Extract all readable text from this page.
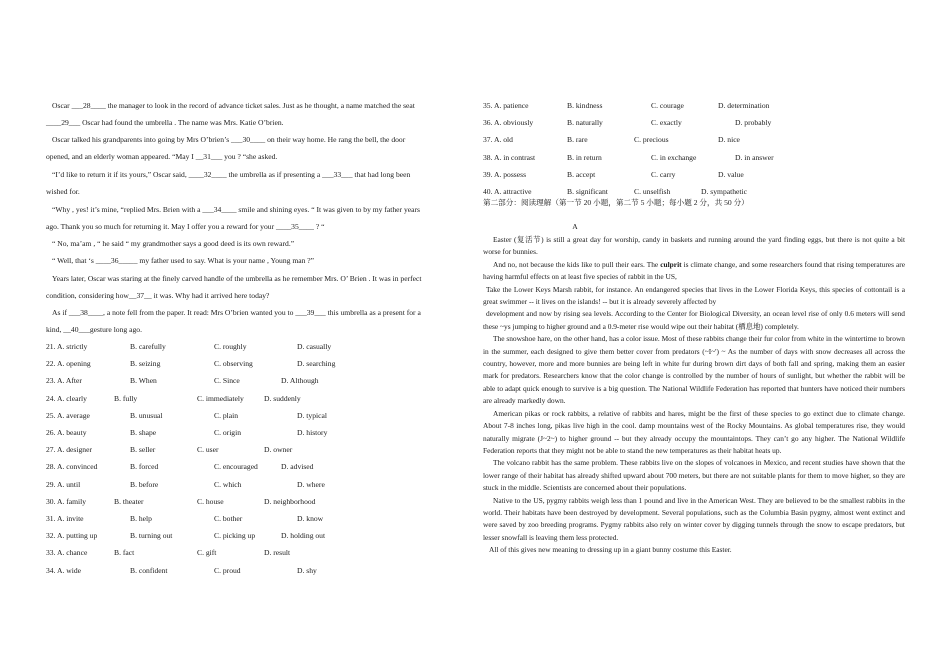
Oscar ___28____ the manager to look in the record of advance ticket sales. Just as he thought, a name matched the seat
____29___ Oscar had found the umbrella . The name was Mrs. Katie O’brien.
Oscar talked his grandparents into going by Mrs O’brien’s ___30____ on their way home. He rang the bell, the door
opened, and an elderly woman appeared. “May I __31___ you ? “she asked.
“I’d like to return it if its yours,” Oscar said, ____32____ the umbrella as if presenting a ___33___ that had long been
wished for.
“Why , yes! it’s mine, “replied Mrs. Brien with a ___34____ smile and shining eyes. “ It was given to by my father years
ago. Thank you so much for returning it. May I offer you a reward for your ____35____ ? “
“ No, ma’am , “ he said “ my grandmother says a good deed is its own reward.”
“ Well, that ‘s ____36_____ my father used to say. What is your name , Young man ?”
Years later, Oscar was staring at the finely carved handle of the umbrella as he remember Mrs. O’ Brien . It was in perfect
condition, considering how__37__ it was. Why had it arrived here today?
As if ___38____, a note fell from the paper. It read: Mrs O’brien wanted you to ___39___ this umbrella as a present for a
kind, __40___gesture long ago.
21. A. strictly	B. carefully	C. roughly	D. casually
22. A. opening	B. seizing	C. observing	D. searching
23. A. After	B. When	C. Since	D. Although
24. A. clearly	B. fully	C. immediately	D. suddenly
25. A. average	B. unusual	C. plain	D. typical
26. A. beauty	B. shape	C. origin	D. history
27. A. designer	B. seller	C. user	D. owner
28. A. convinced	B. forced	C. encouraged	D. advised
29. A. until	B. before	C. which	D. where
30. A. family	B. theater	C. house	D. neighborhood
31. A. invite	B. help	C. bother	D. know
32. A. putting up	B. turning out	C. picking up	D. holding out
33. A. chance	B. fact	C. gift	D. result
34. A. wide	B. confident	C. proud	D. shy
35. A. patience	B. kindness	C. courage	D. determination
36. A. obviously	B. naturally	C. exactly	D. probably
37. A. old	B. rare	C. precious	D. nice
38. A. in contrast	B. in return	C. in exchange	D. in answer
39. A. possess	B. accept	C. carry	D. value
40. A. attractive	B. significant	C. unselfish	D. sympathetic
第二部分：阅读理解（第一节 20 小题，第二节 5 小题；每小题 2 分，共 50 分）
A

Easter (复活节) is still a great day for worship, candy in baskets and running around the yard finding eggs, but there is not quite a bit worse for bunnies.

And no, not because the kids like to pull their ears. The culprit is climate change, and some researchers found that rising temperatures are having harmful effects on at least five species of rabbit in the US,

Take the Lower Keys Marsh rabbit, for instance. An endangered species that lives in the Lower Florida Keys, this species of cottontail is a great swimmer -- it lives on the islands! -- but it is already severely affected by

development and now by rising sea levels. According to the Center for Biological Diversity, an ocean level rise of only 0.6 meters will send these ~ys jumping to higher ground and a 0.9-meter rise would wipe out their habitat (栖息地) completely.

The snowshoe hare, on the other hand, has a color issue. Most of these rabbits change their fur color from white in the wintertime to brown in the summer, each designed to give them better cover from predators (~I~') ~ As the number of days with snow decreases all across the country, however, more and more bunnies are being left in white fur during brown dirt days of both fall and spring, making them an easier mark for predators. Researchers know that the color change is controlled by the number of hours of sunlight, but whether the rabbit will be able to adapt quick enough to survive is a big question. The National Wildlife Federation has reported that hunters have noticed their numbers are already markedly down.

American pikas or rock rabbits, a relative of rabbits and hares, might be the first of these species to go extinct due to climate change. About 7-8 inches long, pikas live high in the cool. damp mountains west of the Rocky Mountains. As global temperatures rise, they would naturally migrate (J~2~) to higher ground -- but they already occupy the mountaintops. They can’t go any higher. The National Wildlife Federation reports that they might not be able to stand the new temperatures as their habitat heats up.

The volcano rabbit has the same problem. These rabbits live on the slopes of volcanoes in Mexico, and recent studies have shown that the lower range of their habitat has already shifted upward about 700 meters, but there are not suitable plants for them to move higher, so they are stuck in the middle. Scientists are concerned about their populations.

Native to the US, pygmy rabbits weigh less than 1 pound and live in the American West. They are believed to be the smallest rabbits in the world. Their habitats have been destroyed by development. Several populations, such as the Columbia Basin pygmy, almost went extinct and were saved by zoo breeding programs. Pygmy rabbits also rely on winter cover by digging tunnels through the snow to escape predators, but lesser snowfall is leaving them less protected.

All of this gives new meaning to dressing up in a giant bunny costume this Easter.
